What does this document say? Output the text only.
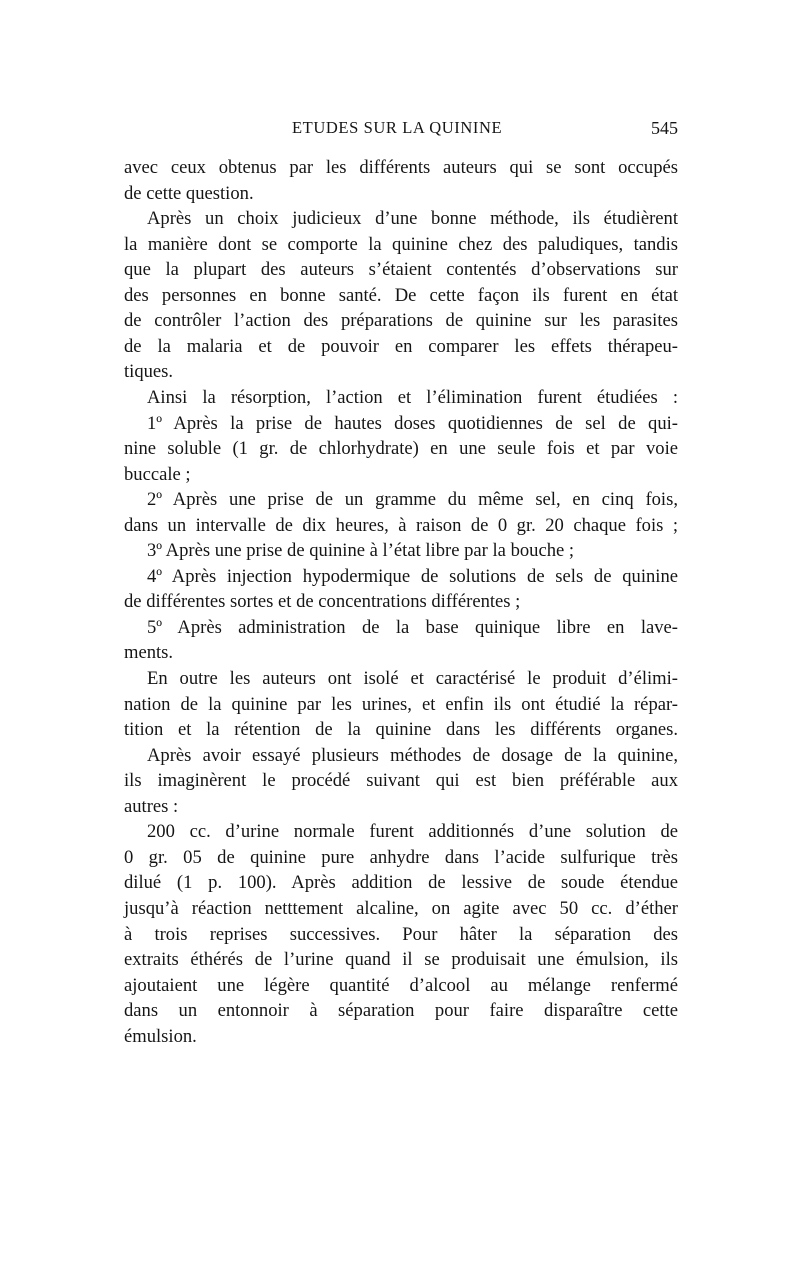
ETUDES SUR LA QUININE	545
avec ceux obtenus par les différents auteurs qui se sont occupés
de cette question.
Après un choix judicieux d’une bonne méthode, ils étudièrent
la manière dont se comporte la quinine chez des paludiques, tandis
que la plupart des auteurs s’étaient contentés d’observations sur
des personnes en bonne santé. De cette façon ils furent en état
de contrôler l’action des préparations de quinine sur les parasites
de la malaria et de pouvoir en comparer les effets thérapeu-
tiques.
Ainsi la résorption, l’action et l’élimination furent étudiées :
1º Après la prise de hautes doses quotidiennes de sel de qui-
nine soluble (1 gr. de chlorhydrate) en une seule fois et par voie
buccale ;
2º Après une prise de un gramme du même sel, en cinq fois,
dans un intervalle de dix heures, à raison de 0 gr. 20 chaque fois ;
3º Après une prise de quinine à l’état libre par la bouche ;
4º Après injection hypodermique de solutions de sels de quinine
de différentes sortes et de concentrations différentes ;
5º Après administration de la base quinique libre en lave-
ments.
En outre les auteurs ont isolé et caractérisé le produit d’élimi-
nation de la quinine par les urines, et enfin ils ont étudié la répar-
tition et la rétention de la quinine dans les différents organes.
Après avoir essayé plusieurs méthodes de dosage de la quinine,
ils imaginèrent le procédé suivant qui est bien préférable aux
autres :
200 cc. d’urine normale furent additionnés d’une solution de
0 gr. 05 de quinine pure anhydre dans l’acide sulfurique très
dilué (1 p. 100). Après addition de lessive de soude étendue
jusqu’à réaction netttement alcaline, on agite avec 50 cc. d’éther
à trois reprises successives. Pour hâter la séparation des
extraits éthérés de l’urine quand il se produisait une émulsion, ils
ajoutaient une légère quantité d’alcool au mélange renfermé
dans un entonnoir à séparation pour faire disparaître cette
émulsion.
